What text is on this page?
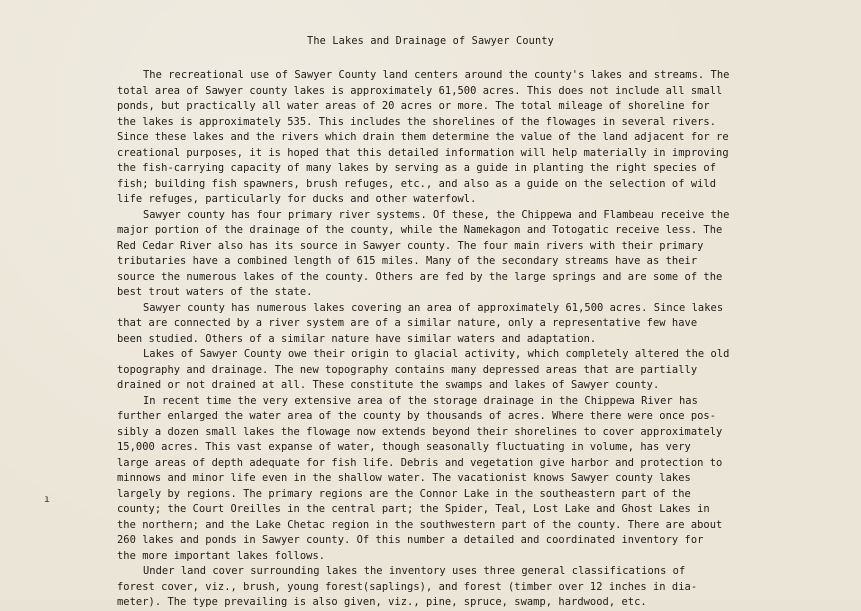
The Lakes and Drainage of Sawyer County
The recreational use of Sawyer County land centers around the county's lakes and streams. The
total area of Sawyer county lakes is approximately 61,500 acres. This does not include all small
ponds, but practically all water areas of 20 acres or more. The total mileage of shoreline for
the lakes is approximately 535. This includes the shorelines of the flowages in several rivers.
Since these lakes and the rivers which drain them determine the value of the land adjacent for re
creational purposes, it is hoped that this detailed information will help materially in improving
the fish-carrying capacity of many lakes by serving as a guide in planting the right species of
fish; building fish spawners, brush refuges, etc., and also as a guide on the selection of wild
life refuges, particularly for ducks and other waterfowl.
Sawyer county has four primary river systems. Of these, the Chippewa and Flambeau receive the
major portion of the drainage of the county, while the Namekagon and Totogatic receive less. The
Red Cedar River also has its source in Sawyer county. The four main rivers with their primary
tributaries have a combined length of 615 miles. Many of the secondary streams have as their
source the numerous lakes of the county. Others are fed by the large springs and are some of the
best trout waters of the state.
Sawyer county has numerous lakes covering an area of approximately 61,500 acres. Since lakes
that are connected by a river system are of a similar nature, only a representative few have
been studied. Others of a similar nature have similar waters and adaptation.
Lakes of Sawyer County owe their origin to glacial activity, which completely altered the old
topography and drainage. The new topography contains many depressed areas that are partially
drained or not drained at all. These constitute the swamps and lakes of Sawyer county.
In recent time the very extensive area of the storage drainage in the Chippewa River has
further enlarged the water area of the county by thousands of acres. Where there were once pos-
sibly a dozen small lakes the flowage now extends beyond their shorelines to cover approximately
15,000 acres. This vast expanse of water, though seasonally fluctuating in volume, has very
large areas of depth adequate for fish life. Debris and vegetation give harbor and protection to
minnows and minor life even in the shallow water. The vacationist knows Sawyer county lakes
largely by regions. The primary regions are the Connor Lake in the southeastern part of the
county; the Court Oreilles in the central part; the Spider, Teal, Lost Lake and Ghost Lakes in
the northern; and the Lake Chetac region in the southwestern part of the county. There are about
260 lakes and ponds in Sawyer county. Of this number a detailed and coordinated inventory for
the more important lakes follows.
Under land cover surrounding lakes the inventory uses three general classifications of
forest cover, viz., brush, young forest(saplings), and forest (timber over 12 inches in dia-
meter). The type prevailing is also given, viz., pine, spruce, swamp, hardwood, etc.
ı
